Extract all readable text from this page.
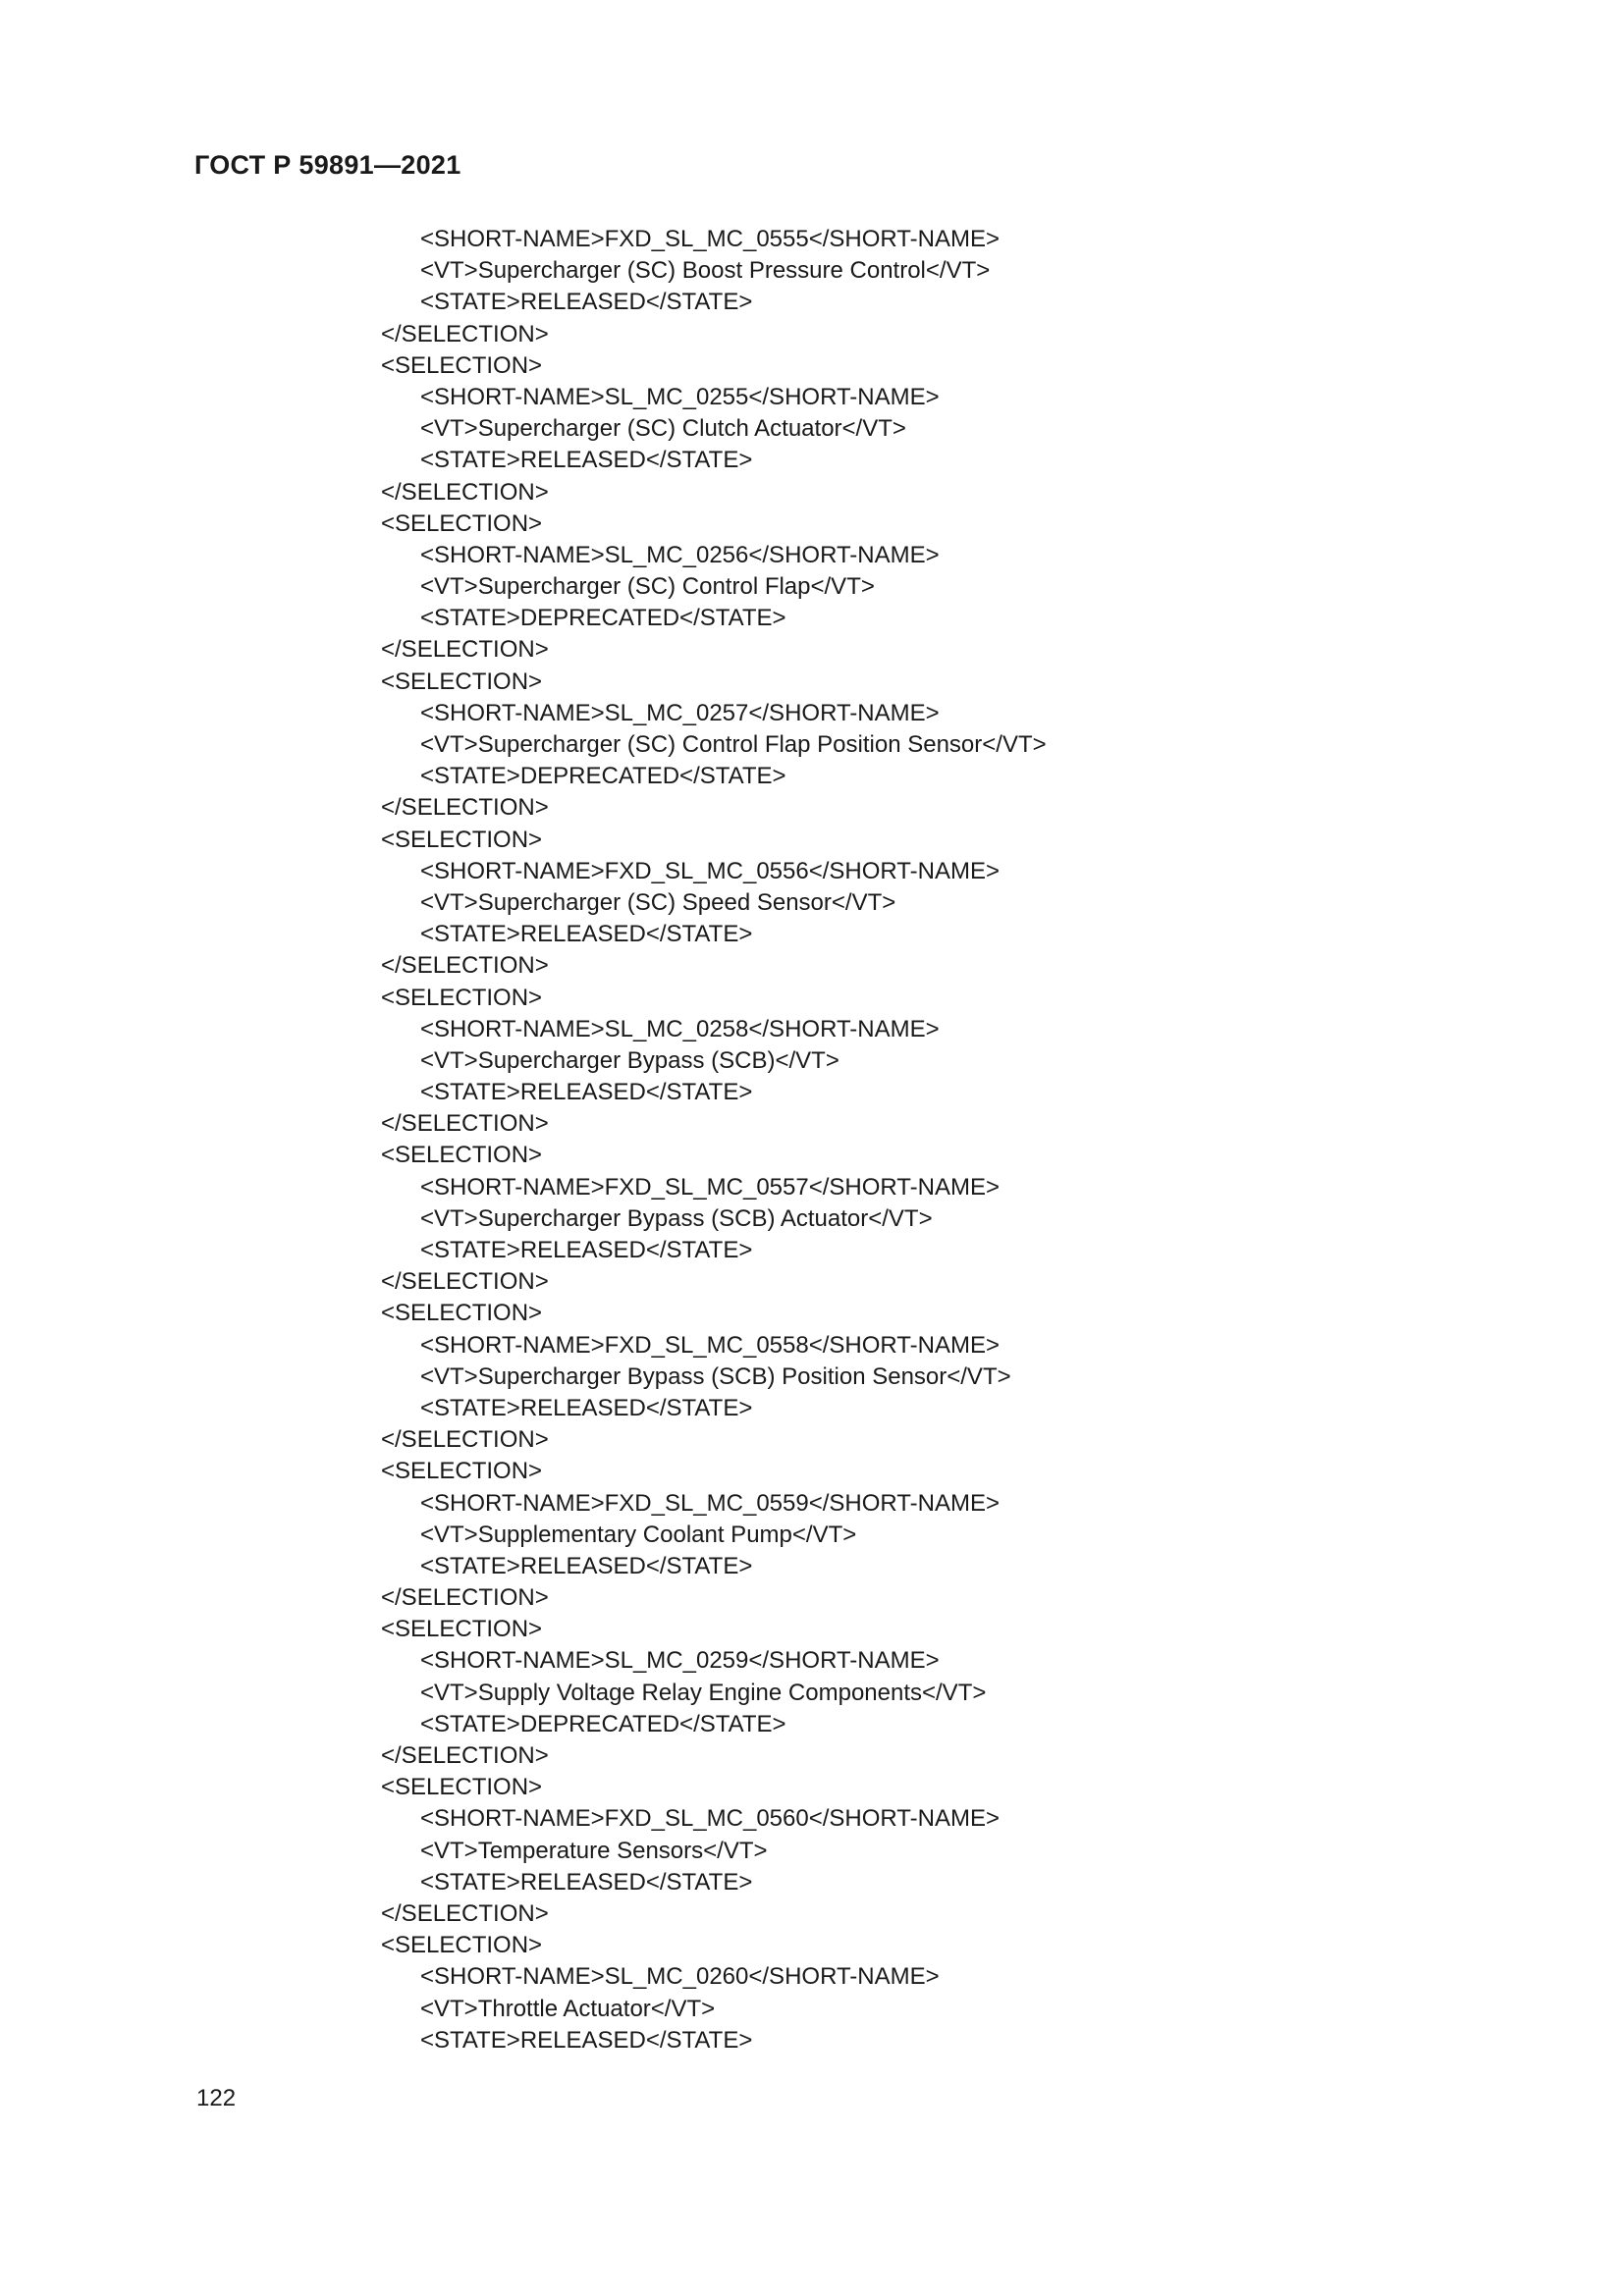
ГОСТ Р 59891—2021
<SHORT-NAME>FXD_SL_MC_0555</SHORT-NAME>
<VT>Supercharger (SC) Boost Pressure Control</VT>
<STATE>RELEASED</STATE>
</SELECTION>
<SELECTION>
<SHORT-NAME>SL_MC_0255</SHORT-NAME>
<VT>Supercharger (SC) Clutch Actuator</VT>
<STATE>RELEASED</STATE>
</SELECTION>
<SELECTION>
<SHORT-NAME>SL_MC_0256</SHORT-NAME>
<VT>Supercharger (SC) Control Flap</VT>
<STATE>DEPRECATED</STATE>
</SELECTION>
<SELECTION>
<SHORT-NAME>SL_MC_0257</SHORT-NAME>
<VT>Supercharger (SC) Control Flap Position Sensor</VT>
<STATE>DEPRECATED</STATE>
</SELECTION>
<SELECTION>
<SHORT-NAME>FXD_SL_MC_0556</SHORT-NAME>
<VT>Supercharger (SC) Speed Sensor</VT>
<STATE>RELEASED</STATE>
</SELECTION>
<SELECTION>
<SHORT-NAME>SL_MC_0258</SHORT-NAME>
<VT>Supercharger Bypass (SCB)</VT>
<STATE>RELEASED</STATE>
</SELECTION>
<SELECTION>
<SHORT-NAME>FXD_SL_MC_0557</SHORT-NAME>
<VT>Supercharger Bypass (SCB) Actuator</VT>
<STATE>RELEASED</STATE>
</SELECTION>
<SELECTION>
<SHORT-NAME>FXD_SL_MC_0558</SHORT-NAME>
<VT>Supercharger Bypass (SCB) Position Sensor</VT>
<STATE>RELEASED</STATE>
</SELECTION>
<SELECTION>
<SHORT-NAME>FXD_SL_MC_0559</SHORT-NAME>
<VT>Supplementary Coolant Pump</VT>
<STATE>RELEASED</STATE>
</SELECTION>
<SELECTION>
<SHORT-NAME>SL_MC_0259</SHORT-NAME>
<VT>Supply Voltage Relay Engine Components</VT>
<STATE>DEPRECATED</STATE>
</SELECTION>
<SELECTION>
<SHORT-NAME>FXD_SL_MC_0560</SHORT-NAME>
<VT>Temperature Sensors</VT>
<STATE>RELEASED</STATE>
</SELECTION>
<SELECTION>
<SHORT-NAME>SL_MC_0260</SHORT-NAME>
<VT>Throttle Actuator</VT>
<STATE>RELEASED</STATE>
122
